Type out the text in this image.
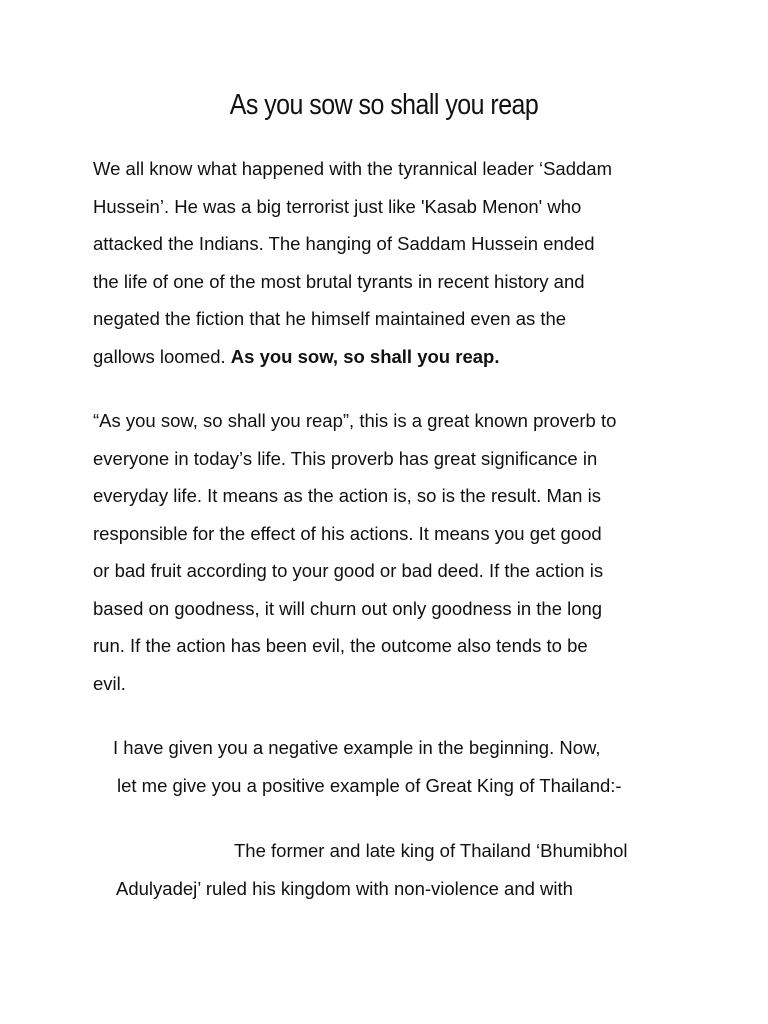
As you sow so shall you reap
We all know what happened with the tyrannical leader ‘Saddam
Hussein’. He was a big terrorist just like 'Kasab Menon' who
attacked the Indians. The hanging of Saddam Hussein ended
the life of one of the most brutal tyrants in recent history and
negated the fiction that he himself maintained even as the
gallows loomed. As you sow, so shall you reap.
“As you sow, so shall you reap”, this is a great known proverb to
everyone in today’s life. This proverb has great significance in
everyday life. It means as the action is, so is the result. Man is
responsible for the effect of his actions. It means you get good
or bad fruit according to your good or bad deed. If the action is
based on goodness, it will churn out only goodness in the long
run. If the action has been evil, the outcome also tends to be
evil.
I have given you a negative example in the beginning. Now,
let me give you a positive example of Great King of Thailand:-
The former and late king of Thailand ‘Bhumibhol
Adulyadej’ ruled his kingdom with non-violence and with
